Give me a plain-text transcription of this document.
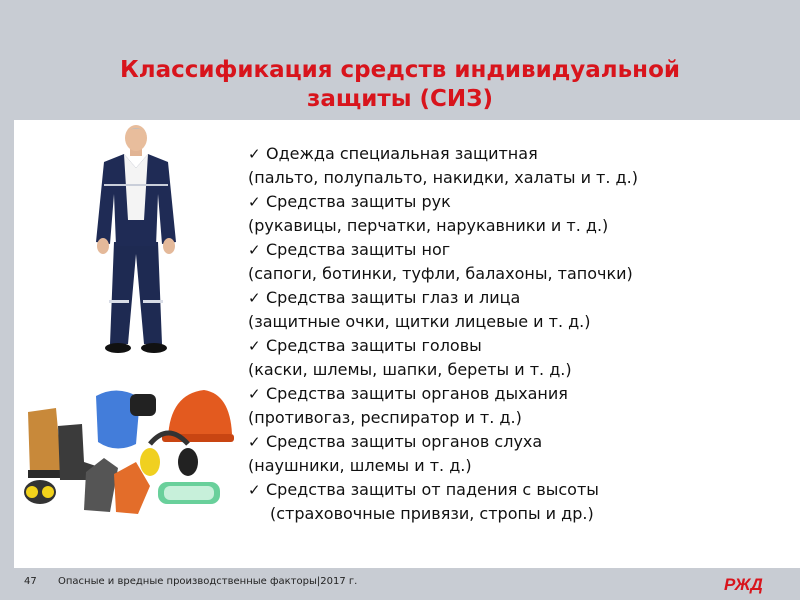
Классификация средств индивидуальной
защиты (СИЗ)
✓ Одежда специальная защитная
(пальто, полупальто, накидки, халаты и т. д.)
✓ Средства защиты рук
(рукавицы, перчатки, нарукавники и т. д.)
✓ Средства защиты ног
(сапоги, ботинки, туфли, балахоны, тапочки)
✓ Средства защиты глаз и лица
(защитные очки, щитки лицевые и т. д.)
✓ Средства защиты головы
(каски, шлемы, шапки, береты и т. д.)
✓ Средства защиты органов дыхания
(противогаз, респиратор и т. д.)
✓ Средства защиты органов слуха
(наушники, шлемы и т. д.)
✓ Средства защиты от падения с высоты
(страховочные привязи, стропы и др.)
47 Опасные и вредные производственные факторы|2017 г.	РЖД
